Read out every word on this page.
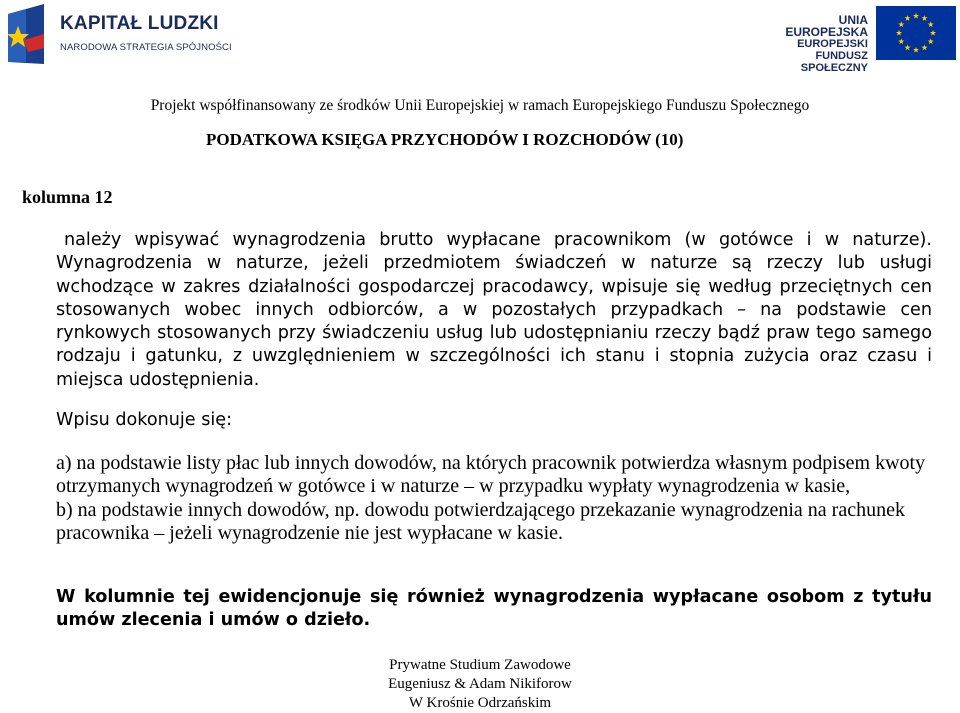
KAPITAŁ LUDZKI
NARODOWA STRATEGIA SPÓJNOŚCI
UNIA EUROPEJSKA
EUROPEJSKI
FUNDUSZ SPOŁECZNY
Projekt współfinansowany ze środków Unii Europejskiej w ramach Europejskiego Funduszu Społecznego
PODATKOWA KSIĘGA PRZYCHODÓW I ROZCHODÓW (10)
kolumna 12

należy wpisywać wynagrodzenia brutto wypłacane pracownikom (w gotówce i w naturze). Wynagrodzenia w naturze, jeżeli przedmiotem świadczeń w naturze są rzeczy lub usługi wchodzące w zakres działalności gospodarczej pracodawcy, wpisuje się według przeciętnych cen stosowanych wobec innych odbiorców, a w pozostałych przypadkach – na podstawie cen rynkowych stosowanych przy świadczeniu usług lub udostępnianiu rzeczy bądź praw tego samego rodzaju i gatunku, z uwzględnieniem w szczególności ich stanu i stopnia zużycia oraz czasu i miejsca udostępnienia.

Wpisu dokonuje się:

a) na podstawie listy płac lub innych dowodów, na których pracownik potwierdza własnym podpisem kwoty otrzymanych wynagrodzeń w gotówce i w naturze – w przypadku wypłaty wynagrodzenia w kasie,

b) na podstawie innych dowodów, np. dowodu potwierdzającego przekazanie wynagrodzenia na rachunek pracownika – jeżeli wynagrodzenie nie jest wypłacane w kasie.

W kolumnie tej ewidencjonuje się również wynagrodzenia wypłacane osobom z tytułu umów zlecenia i umów o dzieło.
Prywatne Studium Zawodowe
Eugeniusz & Adam Nikiforow
W Krośnie Odrzańskim
